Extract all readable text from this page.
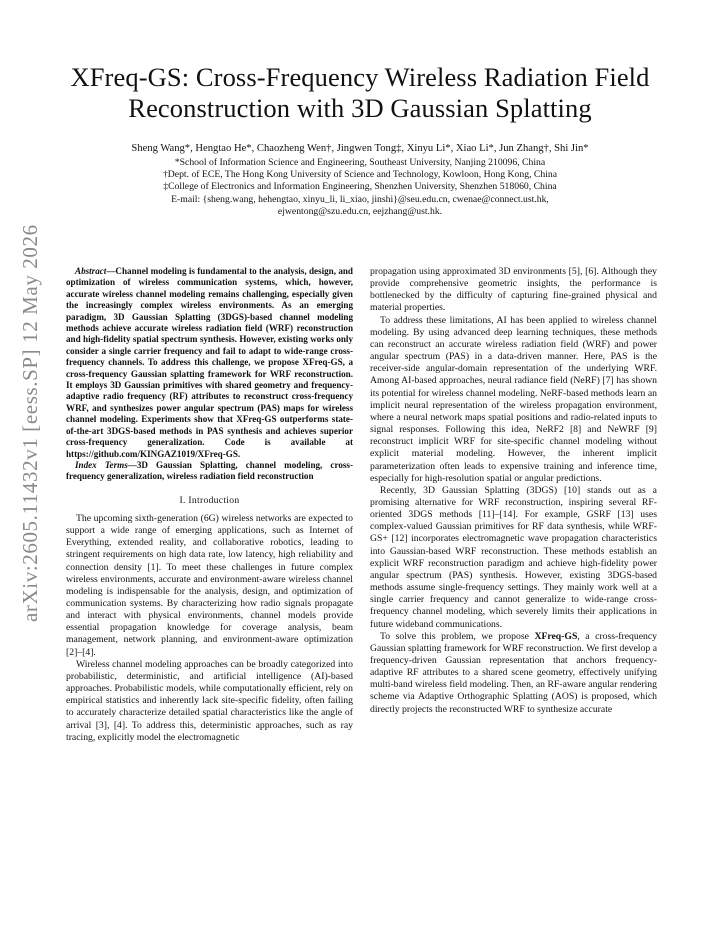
XFreq-GS: Cross-Frequency Wireless Radiation Field Reconstruction with 3D Gaussian Splatting
Sheng Wang*, Hengtao He*, Chaozheng Wen†, Jingwen Tong‡, Xinyu Li*, Xiao Li*, Jun Zhang†, Shi Jin*
*School of Information Science and Engineering, Southeast University, Nanjing 210096, China
†Dept. of ECE, The Hong Kong University of Science and Technology, Kowloon, Hong Kong, China
‡College of Electronics and Information Engineering, Shenzhen University, Shenzhen 518060, China
E-mail: {sheng.wang, hehengtao, xinyu_li, li_xiao, jinshi}@seu.edu.cn, cwenae@connect.ust.hk,
ejwentong@szu.edu.cn, eejzhang@ust.hk.
arXiv:2605.11432v1 [eess.SP] 12 May 2026	Abstract—Channel modeling is fundamental to the analysis, design, and optimization of wireless communication systems, which, however, accurate wireless channel modeling remains challenging, especially given the increasingly complex wireless environments. As an emerging paradigm, 3D Gaussian Splatting (3DGS)-based channel modeling methods achieve accurate wireless radiation field (WRF) reconstruction and high-fidelity spatial spectrum synthesis. However, existing works only consider a single carrier frequency and fail to adapt to wide-range cross-frequency channels. To address this challenge, we propose XFreq-GS, a cross-frequency Gaussian splatting framework for WRF reconstruction. It employs 3D Gaussian primitives with shared geometry and frequency-adaptive radio frequency (RF) attributes to reconstruct cross-frequency WRF, and synthesizes power angular spectrum (PAS) maps for wireless channel modeling. Experiments show that XFreq-GS outperforms state-of-the-art 3DGS-based methods in PAS synthesis and achieves superior cross-frequency generalization. Code is available at https://github.com/KINGAZ1019/XFreq-GS.

Index Terms—3D Gaussian Splatting, channel modeling, cross-frequency generalization, wireless radiation field reconstruction

I. Introduction

The upcoming sixth-generation (6G) wireless networks are expected to support a wide range of emerging applications, such as Internet of Everything, extended reality, and collaborative robotics, leading to stringent requirements on high data rate, low latency, high reliability and connection density [1]. To meet these challenges in future complex wireless environments, accurate and environment-aware wireless channel modeling is indispensable for the analysis, design, and optimization of communication systems. By characterizing how radio signals propagate and interact with physical environments, channel models provide essential propagation knowledge for coverage analysis, beam management, network planning, and environment-aware optimization [2]–[4].

Wireless channel modeling approaches can be broadly categorized into probabilistic, deterministic, and artificial intelligence (AI)-based approaches. Probabilistic models, while computationally efficient, rely on empirical statistics and inherently lack site-specific fidelity, often failing to accurately characterize detailed spatial characteristics like the angle of arrival [3], [4]. To address this, deterministic approaches, such as ray tracing, explicitly model the electromagnetic

propagation using approximated 3D environments [5], [6]. Although they provide comprehensive geometric insights, the performance is bottlenecked by the difficulty of capturing fine-grained physical and material properties.

To address these limitations, AI has been applied to wireless channel modeling. By using advanced deep learning techniques, these methods can reconstruct an accurate wireless radiation field (WRF) and power angular spectrum (PAS) in a data-driven manner. Here, PAS is the receiver-side angular-domain representation of the underlying WRF. Among AI-based approaches, neural radiance field (NeRF) [7] has shown its potential for wireless channel modeling. NeRF-based methods learn an implicit neural representation of the wireless propagation environment, where a neural network maps spatial positions and radio-related inputs to signal responses. Following this idea, NeRF2 [8] and NeWRF [9] reconstruct implicit WRF for site-specific channel modeling without explicit material modeling. However, the inherent implicit parameterization often leads to expensive training and inference time, especially for high-resolution spatial or angular predictions.

Recently, 3D Gaussian Splatting (3DGS) [10] stands out as a promising alternative for WRF reconstruction, inspiring several RF-oriented 3DGS methods [11]–[14]. For example, GSRF [13] uses complex-valued Gaussian primitives for RF data synthesis, while WRF-GS+ [12] incorporates electromagnetic wave propagation characteristics into Gaussian-based WRF reconstruction. These methods establish an explicit WRF reconstruction paradigm and achieve high-fidelity power angular spectrum (PAS) synthesis. However, existing 3DGS-based methods assume single-frequency settings. They mainly work well at a single carrier frequency and cannot generalize to wide-range cross-frequency channel modeling, which severely limits their applications in future wideband communications.

To solve this problem, we propose XFreq-GS, a cross-frequency Gaussian splatting framework for WRF reconstruction. We first develop a frequency-driven Gaussian representation that anchors frequency-adaptive RF attributes to a shared scene geometry, effectively unifying multi-band wireless field modeling. Then, an RF-aware angular rendering scheme via Adaptive Orthographic Splatting (AOS) is proposed, which directly projects the reconstructed WRF to synthesize accurate
